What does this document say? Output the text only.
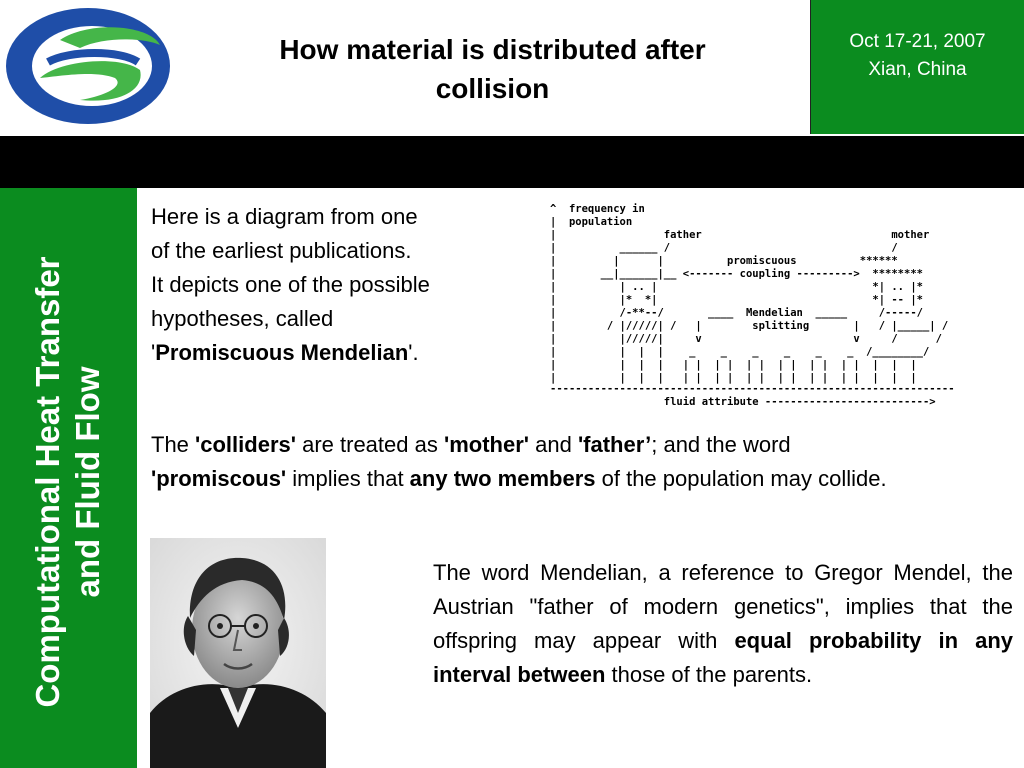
How material is distributed after
collision
Oct 17-21, 2007
Xian, China
Computational Heat Transfer and Fluid Flow
Here is a diagram from one
of the earliest publications.
It depicts one of the possible
hypotheses, called
'Promiscuous Mendelian'.
^  frequency in
|  population
|                 father                              mother
|          ______ /                                   /
|         |      |          promiscuous          ******
|       __|______|__ <------- coupling --------->  ********
|          | .. |                                  *| .. |*
|          |*  *|                                  *| -- |*
|          /-**--/       ____  Mendelian  _____     /-----/
|        / |/////| /   |        splitting       |   / |_____| /
|          |/////|     v                        v     /      /
|          |  |  |    _    _    _    _    _    _  /________/
|          |  |  |   | |  | |  | |  | |  | |  | |  |  |  |
|          |  |  |   | |  | |  | |  | |  | |  | |  |  |  |
----------------------------------------------------------------
fluid attribute -------------------------->
The 'colliders' are treated as 'mother' and 'father’; and the word
'promiscous' implies that any two members of the population may collide.
The word Mendelian, a reference to Gregor Mendel, the Austrian "father of modern genetics", implies that the offspring may appear with equal probability in any interval between those of the parents.
